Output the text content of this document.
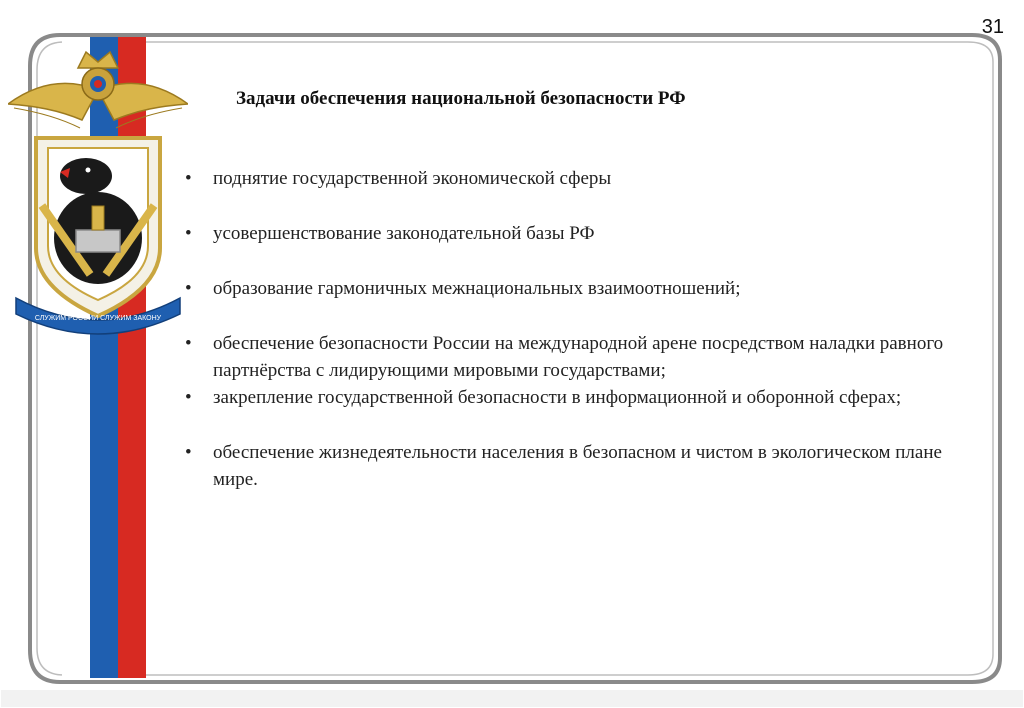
СЛУЖИМ РОССИИ СЛУЖИМ ЗАКОНУ
31
Задачи обеспечения национальной безопасности РФ
• поднятие государственной экономической сферы
• усовершенствование законодательной базы РФ
• образование гармоничных межнациональных взаимоотношений;
• обеспечение безопасности России на международной арене посредством наладки равного партнёрства с лидирующими мировыми государствами;
• закрепление государственной безопасности в информационной и оборонной сферах;
• обеспечение жизнедеятельности населения в безопасном и чистом в экологическом плане мире.
